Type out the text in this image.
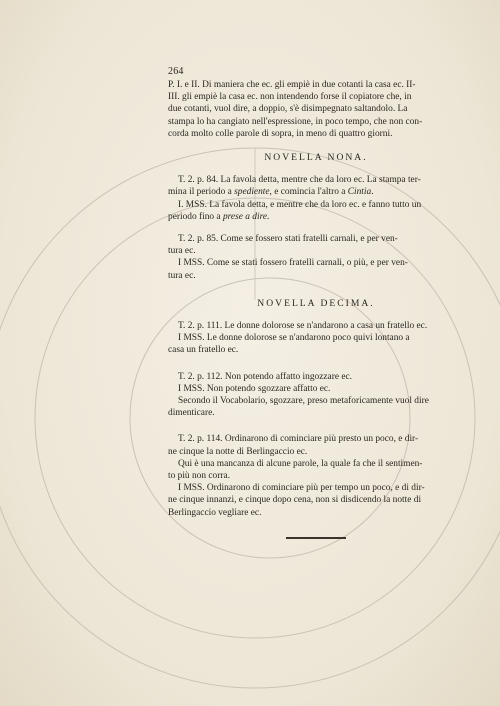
264

P. I. e II. Di maniera che ec. gli empiè in due cotanti la casa ec. II-

III. gli empiè la casa ec. non intendendo forse il copiatore che, in

due cotanti, vuol dire, a doppio, s'è disimpegnato saltandolo. La

stampa lo ha cangiato nell'espressione, in poco tempo, che non con-

corda molto colle parole di sopra, in meno di quattro giorni.

NOVELLA NONA.

T. 2. p. 84. La favola detta, mentre che da loro ec. La stampa ter-

mina il periodo a spediente, e comincia l'altro a Cintia.

I. MSS. La favola detta, e mentre che da loro ec. e fanno tutto un

periodo fino a prese a dire.

T. 2. p. 85. Come se fossero stati fratelli carnali, e per ven-

tura ec.

I MSS. Come se stati fossero fratelli carnali, o più, e per ven-

tura ec.

NOVELLA DECIMA.

T. 2. p. 111. Le donne dolorose se n'andarono a casa un fratello ec.

I MSS. Le donne dolorose se n'andarono poco quivi lontano a

casa un fratello ec.

T. 2. p. 112. Non potendo affatto ingozzare ec.

I MSS. Non potendo sgozzare affatto ec.

Secondo il Vocabolario, sgozzare, preso metaforicamente vuol dire

dimenticare.

T. 2. p. 114. Ordinarono di cominciare più presto un poco, e dir-

ne cinque la notte di Berlingaccio ec.

Qui è una mancanza di alcune parole, la quale fa che il sentimen-

to più non corra.

I MSS. Ordinarono di cominciare più per tempo un poco, e di dir-

ne cinque innanzi, e cinque dopo cena, non si disdicendo la notte di

Berlingaccio vegliare ec.
